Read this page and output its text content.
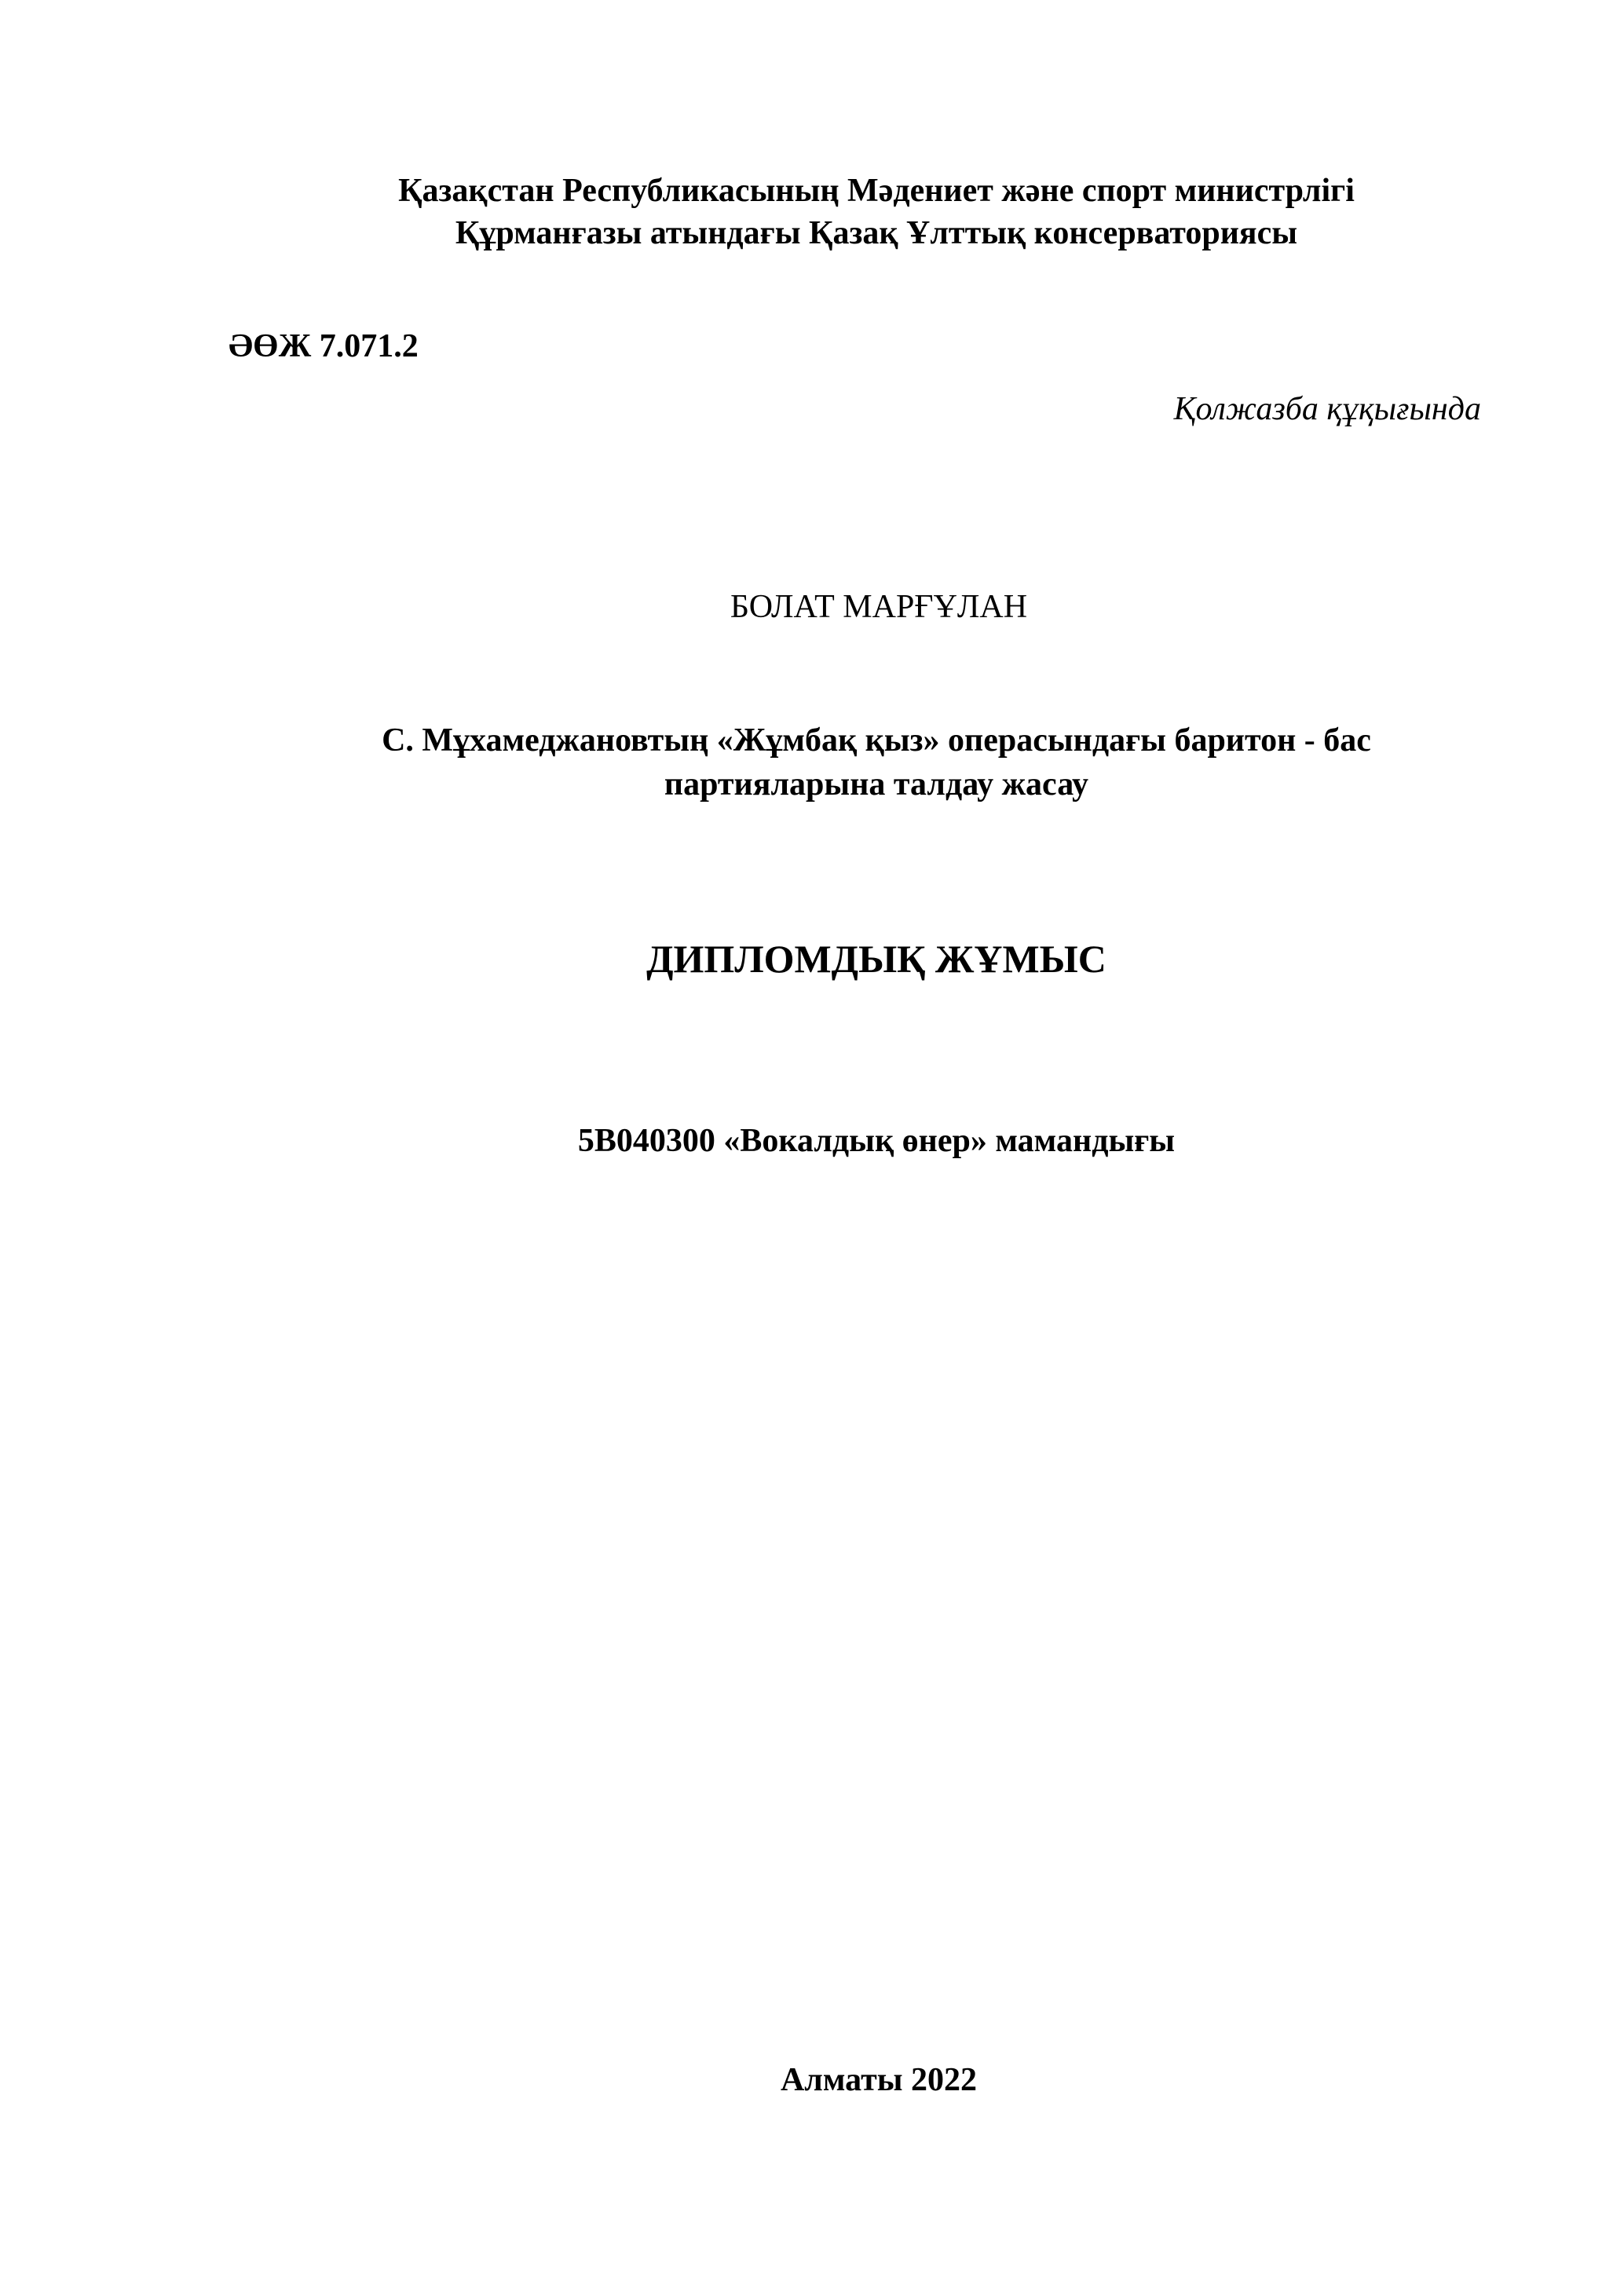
Қазақстан Республикасының Мәдениет және спорт министрлігі
Құрманғазы атындағы Қазақ Ұлттық консерваториясы
ӘӨЖ 7.071.2
Қолжазба құқығында
БОЛАТ МАРҒҰЛАН
С. Мұхамеджановтың «Жұмбақ қыз» операсындағы баритон - бас
партияларына талдау жасау
ДИПЛОМДЫҚ ЖҰМЫС
5В040300 «Вокалдық өнер» мамандығы
Алматы 2022
